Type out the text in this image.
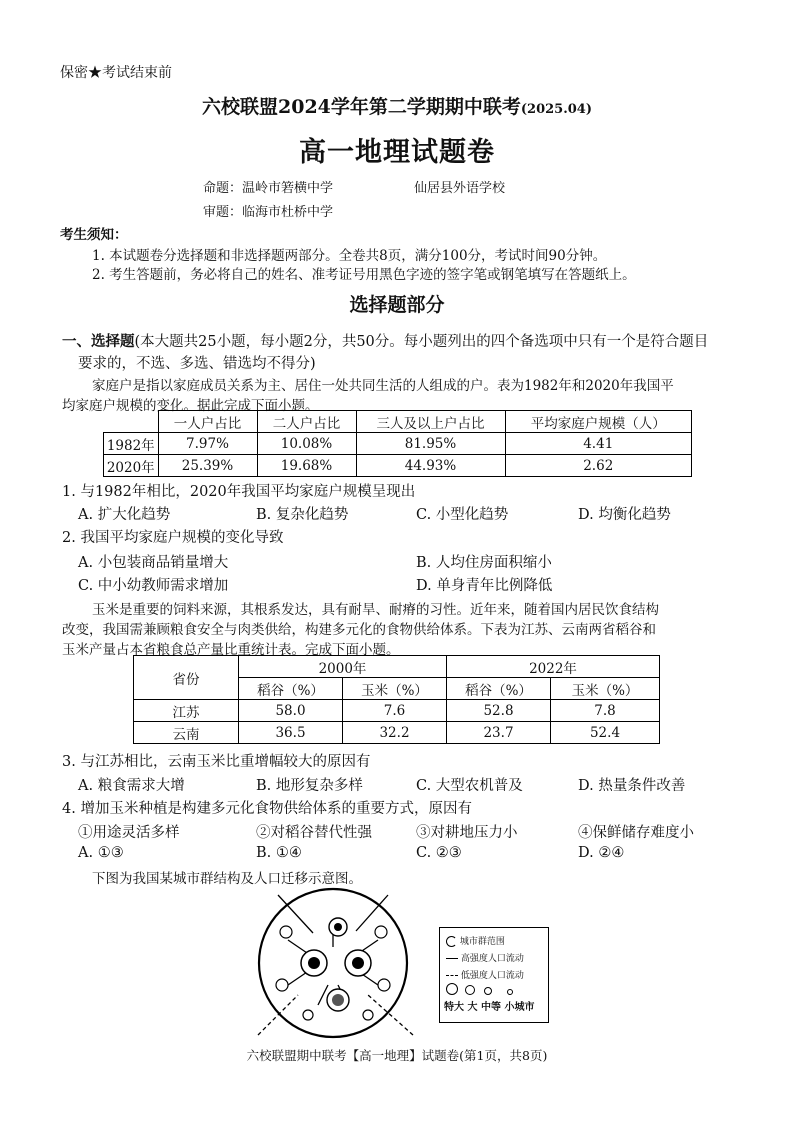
保密★考试结束前
六校联盟2024学年第二学期期中联考(2025.04)
高一地理试题卷
命题：温岭市箬横中学	仙居县外语学校
审题：临海市杜桥中学
考生须知：
1. 本试题卷分选择题和非选择题两部分。全卷共8页，满分100分，考试时间90分钟。
2. 考生答题前，务必将自己的姓名、准考证号用黑色字迹的签字笔或钢笔填写在答题纸上。
选择题部分
一、选择题(本大题共25小题，每小题2分，共50分。每小题列出的四个备选项中只有一个是符合题目
要求的，不选、多选、错选均不得分)
家庭户是指以家庭成员关系为主、居住一处共同生活的人组成的户。表为1982年和2020年我国平
均家庭户规模的变化。据此完成下面小题。
	一人户占比	二人户占比	三人及以上户占比	平均家庭户规模（人）
1982年	7.97%	10.08%	81.95%	4.41
2020年	25.39%	19.68%	44.93%	2.62
1. 与1982年相比，2020年我国平均家庭户规模呈现出
A. 扩大化趋势	B. 复杂化趋势	C. 小型化趋势	D. 均衡化趋势
2. 我国平均家庭户规模的变化导致
A. 小包装商品销量增大	B. 人均住房面积缩小
C. 中小幼教师需求增加	D. 单身青年比例降低
玉米是重要的饲料来源，其根系发达，具有耐旱、耐瘠的习性。近年来，随着国内居民饮食结构
改变，我国需兼顾粮食安全与肉类供给，构建多元化的食物供给体系。下表为江苏、云南两省稻谷和
玉米产量占本省粮食总产量比重统计表。完成下面小题。
省份	2000年		2022年	
	稻谷（%）	玉米（%）	稻谷（%）	玉米（%）
江苏	58.0	7.6	52.8	7.8
云南	36.5	32.2	23.7	52.4
3. 与江苏相比，云南玉米比重增幅较大的原因有
A. 粮食需求大增	B. 地形复杂多样	C. 大型农机普及	D. 热量条件改善
4. 增加玉米种植是构建多元化食物供给体系的重要方式，原因有
①用途灵活多样	②对稻谷替代性强	③对耕地压力小	④保鲜储存难度小
A. ①③	B. ①④	C. ②③	D. ②④
下图为我国某城市群结构及人口迁移示意图。
城市群范围
高强度人口流动
低强度人口流动

特大 大 中等 小城市
六校联盟期中联考【高一地理】试题卷(第1页，共8页)
